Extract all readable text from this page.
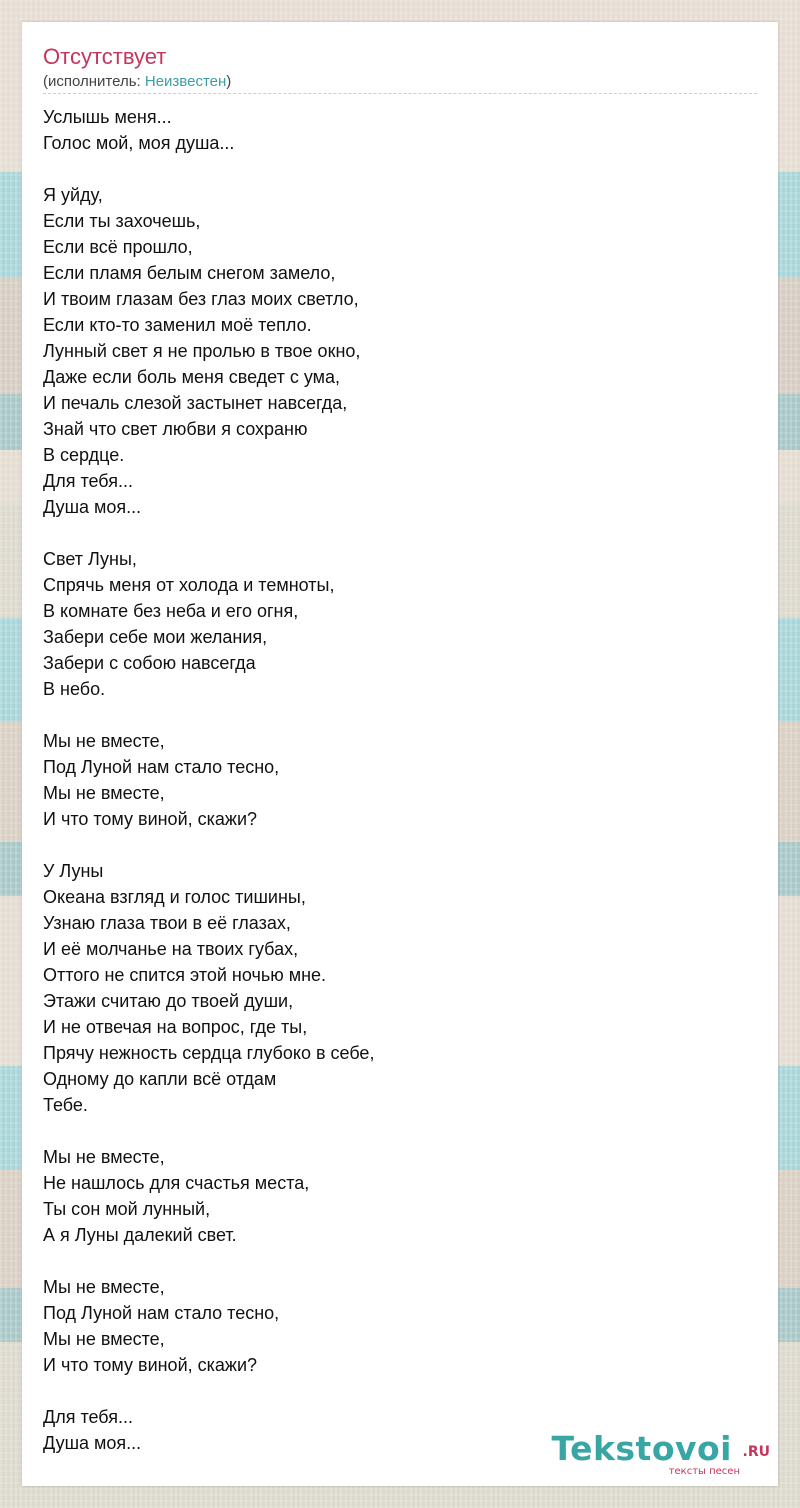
Отсутствует
(исполнитель: Неизвестен)
Услышь меня...
Голос мой, моя душа...
Я уйду,
Если ты захочешь,
Если всё прошло,
Если пламя белым снегом замело,
И твоим глазам без глаз моих светло,
Если кто-то заменил моё тепло.
Лунный свет я не пролью в твое окно,
Даже если боль меня сведет с ума,
И печаль слезой застынет навсегда,
Знай что свет любви я сохраню
В сердце.
Для тебя...
Душа моя...
Свет Луны,
Спрячь меня от холода и темноты,
В комнате без неба и его огня,
Забери себе мои желания,
Забери с собою навсегда
В небо.
Мы не вместе,
Под Луной нам стало тесно,
Мы не вместе,
И что тому виной, скажи?
У Луны
Океана взгляд и голос тишины,
Узнаю глаза твои в её глазах,
И её молчанье на твоих губах,
Оттого не спится этой ночью мне.
Этажи считаю до твоей души,
И не отвечая на вопрос, где ты,
Прячу нежность сердца глубоко в себе,
Одному до капли всё отдам
Тебе.
Мы не вместе,
Не нашлось для счастья места,
Ты сон мой лунный,
А я Луны далекий свет.
Мы не вместе,
Под Луной нам стало тесно,
Мы не вместе,
И что тому виной, скажи?
Для тебя...
Душа моя...	Tekstovoi .RU
тексты песен
